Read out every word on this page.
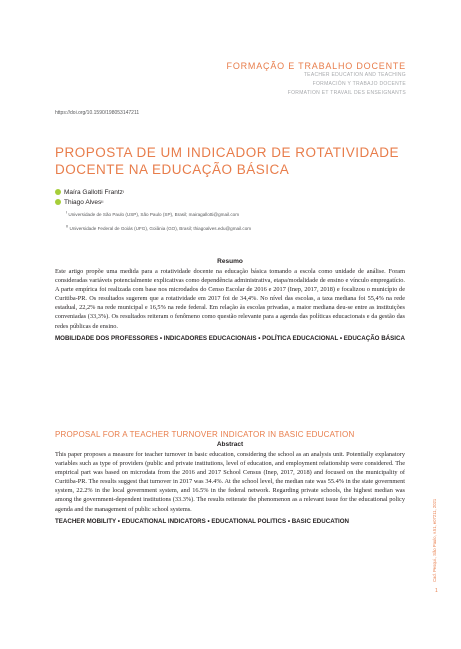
FORMAÇÃO E TRABALHO DOCENTE
TEACHER EDUCATION AND TEACHING
FORMACIÓN Y TRABAJO DOCENTE
FORMATION ET TRAVAIL DES ENSEIGNANTS
https://doi.org/10.1590/198053147211
PROPOSTA DE UM INDICADOR DE ROTATIVIDADE DOCENTE NA EDUCAÇÃO BÁSICA
Maíra Gallotti Frantz I
Thiago Alves II
$^I$ Universidade de São Paulo (USP), São Paulo (SP), Brasil; mairagallotti@gmail.com
$^{II}$ Universidade Federal de Goiás (UFG), Goiânia (GO), Brasil; thiagoalves.edu@gmail.com
Resumo
Este artigo propõe uma medida para a rotatividade docente na educação básica tomando a escola como unidade de análise. Foram consideradas variáveis potencialmente explicativas como dependência administrativa, etapa/modalidade de ensino e vínculo empregatício. A parte empírica foi realizada com base nos microdados do Censo Escolar de 2016 e 2017 (Inep, 2017, 2018) e focalizou o município de Curitiba-PR. Os resultados sugerem que a rotatividade em 2017 foi de 34,4%. No nível das escolas, a taxa mediana foi 55,4% na rede estadual, 22,2% na rede municipal e 16,5% na rede federal. Em relação às escolas privadas, a maior mediana deu-se entre as instituições conveniadas (33,3%). Os resultados reiteram o fenômeno como questão relevante para a agenda das políticas educacionais e da gestão das redes públicas de ensino.
MOBILIDADE DOS PROFESSORES • INDICADORES EDUCACIONAIS • POLÍTICA EDUCACIONAL • EDUCAÇÃO BÁSICA
PROPOSAL FOR A TEACHER TURNOVER INDICATOR IN BASIC EDUCATION
Abstract
This paper proposes a measure for teacher turnover in basic education, considering the school as an analysis unit. Potentially explanatory variables such as type of providers (public and private institutions, level of education, and employment relationship were considered. The empirical part was based on microdata from the 2016 and 2017 School Census (Inep, 2017, 2018) and focused on the municipality of Curitiba-PR. The results suggest that turnover in 2017 was 34.4%. At the school level, the median rate was 55.4% in the state government system, 22.2% in the local government system, and 16.5% in the federal network. Regarding private schools, the highest median was among the government-dependent institutions (33.3%). The results reiterate the phenomenon as a relevant issue for the educational policy agenda and the management of public school systems.
TEACHER MOBILITY • EDUCATIONAL INDICATORS • EDUCATIONAL POLITICS • BASIC EDUCATION	Cad. Pesqui., São Paulo, v.51, e07211, 2021
1
